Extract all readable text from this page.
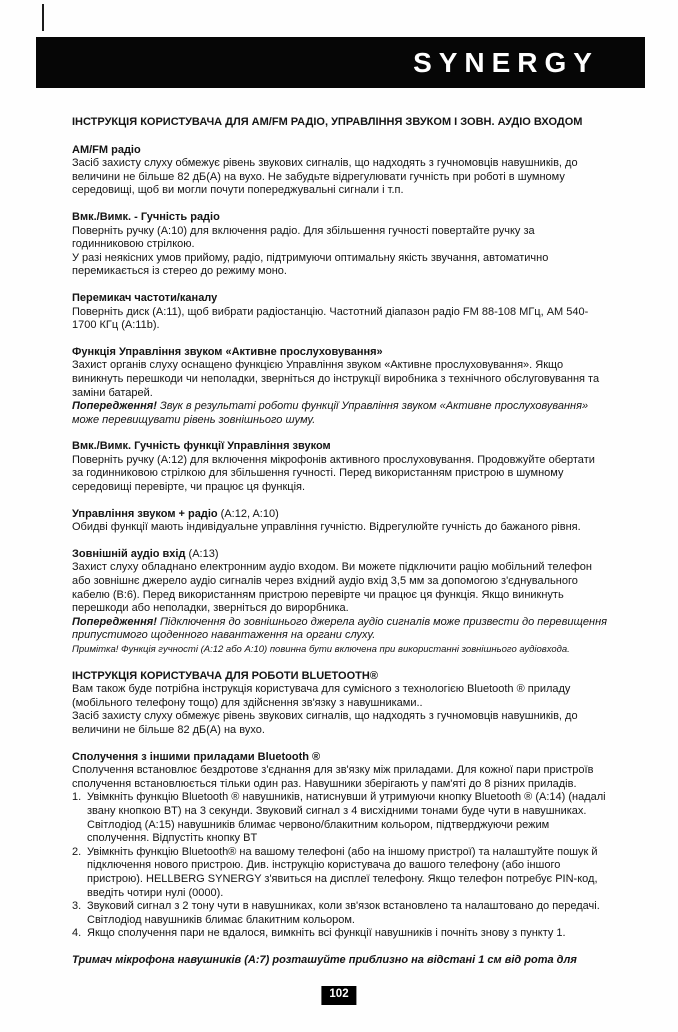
SYNERGY
ІНСТРУКЦІЯ КОРИСТУВАЧА ДЛЯ AM/FM РАДІО, УПРАВЛІННЯ ЗВУКОМ І ЗОВН. АУДІО ВХОДОМ
AM/FM радіо

Засіб захисту слуху обмежує рівень звукових сигналів, що надходять з гучномовців навушників, до величини не більше 82 дБ(А) на вухо. Не забудьте відрегулювати гучність при роботі в шумному середовищі, щоб ви могли почути попереджувальні сигнали і т.п.

Вмк./Вимк. - Гучність радіо

Поверніть ручку (A:10) для включення радіо. Для збільшення гучності повертайте ручку за годинниковою стрілкою.

У разі неякісних умов прийому, радіо, підтримуючи оптимальну якість звучання, автоматично перемикається із стерео до режиму моно.

Перемикач частоти/каналу

Поверніть диск (A:11), щоб вибрати радіостанцію. Частотний діапазон радіо FM 88-108 МГц, AM 540-1700 КГц (A:11b).

Функція Управління звуком «Активне прослуховування»

Захист органів слуху оснащено функцією Управління звуком «Активне прослуховування». Якщо виникнуть перешкоди чи неполадки, зверніться до інструкції виробника з технічного обслуговування та заміни батарей.

Попередження! Звук в результаті роботи функції Управління звуком «Активне прослуховування» може перевищувати рівень зовнішнього шуму.

Вмк./Вимк. Гучність функції Управління звуком

Поверніть ручку (A:12) для включення мікрофонів активного прослуховування. Продовжуйте обертати за годинниковою стрілкою для збільшення гучності. Перед використанням пристрою в шумному середовищі перевірте, чи працює ця функція.

Управління звуком + радіо (A:12, A:10)

Обидві функції мають індивідуальне управління гучністю. Відрегулюйте гучність до бажаного рівня.

Зовнішній аудіо вхід (A:13)

Захист слуху обладнано електронним аудіо входом. Ви можете підключити рацію мобільний телефон або зовнішнє джерело аудіо сигналів через вхідний аудіо вхід 3,5 мм за допомогою з'єднувального кабелю (B:6). Перед використанням пристрою перевірте чи працює ця функція. Якщо виникнуть перешкоди або неполадки, зверніться до вирорбника.

Попередження! Підключення до зовнішнього джерела аудіо сигналів може призвести до перевищення припустимого щоденного навантаження на органи слуху.

Примітка! Функція гучності (A:12 або A:10) повинна бути включена при використанні зовнішнього аудіовхода.

ІНСТРУКЦІЯ КОРИСТУВАЧА ДЛЯ РОБОТИ BLUETOOTH®

Вам також буде потрібна інструкція користувача для сумісного з технологією Bluetooth ® приладу (мобільного телефону тощо) для здійснення зв'язку з навушниками..

Засіб захисту слуху обмежує рівень звукових сигналів, що надходять з гучномовців навушників, до величини не більше 82 дБ(А) на вухо.

Сполучення з іншими приладами Bluetooth ®

Сполучення встановлює бездротове з'єднання для зв'язку між приладами. Для кожної пари пристроїв сполучення встановлюється тільки один раз. Навушники зберігають у пам'яті до 8 різних приладів.

1. Увімкніть функцію Bluetooth ® навушників, натиснувши й утримуючи кнопку Bluetooth ® (A:14) (надалі звану кнопкою BT) на 3 секунди. Звуковий сигнал з 4 висхідними тонами буде чути в навушниках. Світлодіод (A:15) навушників блимає червоно/блакитним кольором, підтверджуючи режим сполучення. Відпустіть кнопку BT
2. Увімкніть функцію Bluetooth® на вашому телефоні (або на іншому пристрої) та налаштуйте пошук й підключення нового пристрою. Див. інструкцію користувача до вашого телефону (або іншого пристрою). HELLBERG SYNERGY з'явиться на дисплеї телефону. Якщо телефон потребує PIN-код, введіть чотири нулі (0000).
3. Звуковий сигнал з 2 тону чути в навушниках, коли зв'язок встановлено та налаштовано до передачі. Світлодіод навушників блимає блакитним кольором.
4. Якщо сполучення пари не вдалося, вимкніть всі функції навушників і почніть знову з пункту 1.

Тримач мікрофона навушників (A:7) розташуйте приблизно на відстані 1 см від рота для

102
